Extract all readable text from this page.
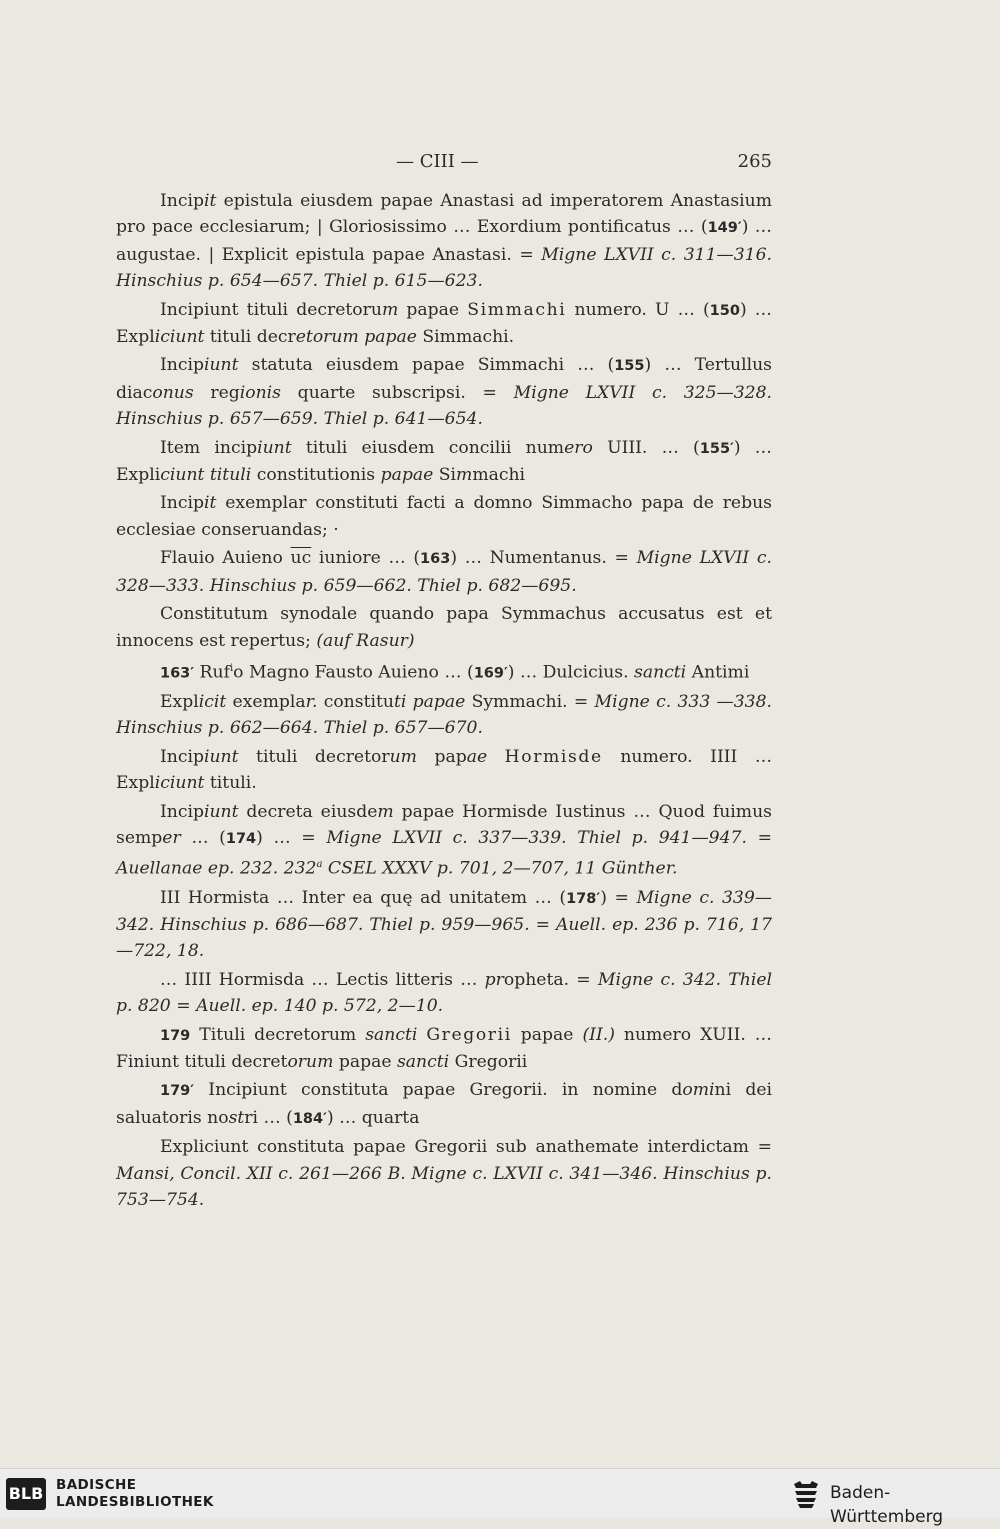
— CIII —	265

Incipit epistula eiusdem papae Anastasi ad imperatorem Anastasium pro pace ecclesiarum; | Gloriosissimo … Exordium pontificatus … (149′) … augustae. | Explicit epistula papae Anastasi. = Migne LXVII c. 311—316. Hinschius p. 654—657. Thiel p. 615—623.

Incipiunt tituli decretorum papae Simmachi numero. U … (150) … Expliciunt tituli decretorum papae Simmachi.

Incipiunt statuta eiusdem papae Simmachi … (155) … Tertullus diaconus regionis quarte subscripsi. = Migne LXVII c. 325—328. Hinschius p. 657—659. Thiel p. 641—654.

Item incipiunt tituli eiusdem concilii numero UIII. … (155′) … Expliciunt tituli constitutionis papae Simmachi

Incipit exemplar constituti facti a domno Simmacho papa de rebus ecclesiae conseruandas; ·

Flauio Auieno $\overline{uc}$ iuniore … (163) … Numentanus. = Migne LXVII c. 328—333. Hinschius p. 659—662. Thiel p. 682—695.

Constitutum synodale quando papa Symmachus accusatus est et innocens est repertus; (auf Rasur)

163′ Ruf$^i$o Magno Fausto Auieno … (169′) … Dulcicius. sancti Antimi

Explicit exemplar. constituti papae Symmachi. = Migne c. 333 —338. Hinschius p. 662—664. Thiel p. 657—670.

Incipiunt tituli decretorum papae Hormisde numero. IIII … Expliciunt tituli.

Incipiunt decreta eiusdem papae Hormisde Iustinus … Quod fuimus semper … (174) … = Migne LXVII c. 337—339. Thiel p. 941—947. = Auellanae ep. 232. 232$^a$ CSEL XXXV p. 701, 2—707, 11 Günther.

III Hormista … Inter ea quę ad unitatem … (178′) = Migne c. 339—342. Hinschius p. 686—687. Thiel p. 959—965. = Auell. ep. 236 p. 716, 17—722, 18.

… IIII Hormisda … Lectis litteris … propheta. = Migne c. 342. Thiel p. 820 = Auell. ep. 140 p. 572, 2—10.

179 Tituli decretorum sancti Gregorii papae (II.) numero XUII. … Finiunt tituli decretorum papae sancti Gregorii

179′ Incipiunt constituta papae Gregorii. in nomine domini dei saluatoris nostri … (184′) … quarta

Expliciunt constituta papae Gregorii sub anathemate interdictam = Mansi, Concil. XII c. 261—266 B. Migne c. LXVII c. 341—346. Hinschius p. 753—754.

BLB BADISCHE
LANDESBIBLIOTHEK	Baden-Württemberg
